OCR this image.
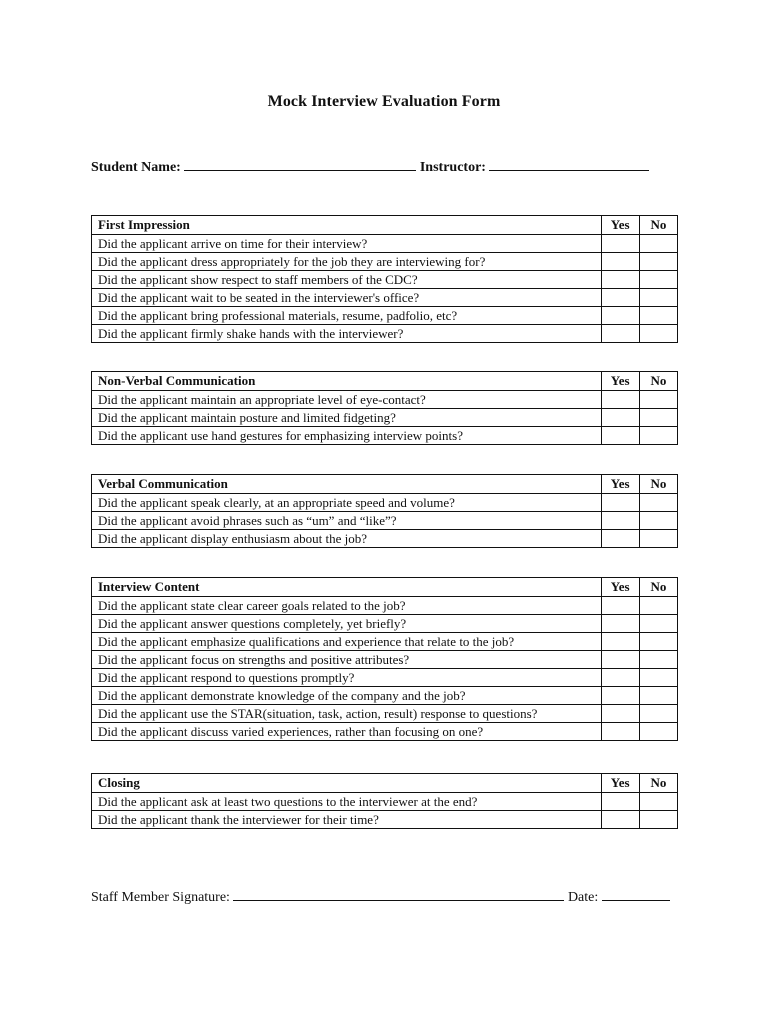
Mock Interview Evaluation Form
Student Name:	Instructor:
First Impression	Yes	No
Did the applicant arrive on time for their interview?		
Did the applicant dress appropriately for the job they are interviewing for?		
Did the applicant show respect to staff members of the CDC?		
Did the applicant wait to be seated in the interviewer's office?		
Did the applicant bring professional materials, resume, padfolio, etc?		
Did the applicant firmly shake hands with the interviewer?		
Non-Verbal Communication	Yes	No
Did the applicant maintain an appropriate level of eye-contact?		
Did the applicant maintain posture and limited fidgeting?		
Did the applicant use hand gestures for emphasizing interview points?		
Verbal Communication	Yes	No
Did the applicant speak clearly, at an appropriate speed and volume?		
Did the applicant avoid phrases such as “um” and “like”?		
Did the applicant display enthusiasm about the job?		
Interview Content	Yes	No
Did the applicant state clear career goals related to the job?		
Did the applicant answer questions completely, yet briefly?		
Did the applicant emphasize qualifications and experience that relate to the job?		
Did the applicant focus on strengths and positive attributes?		
Did the applicant respond to questions promptly?		
Did the applicant demonstrate knowledge of the company and the job?		
Did the applicant use the STAR(situation, task, action, result) response to questions?		
Did the applicant discuss varied experiences, rather than focusing on one?		
Closing	Yes	No
Did the applicant ask at least two questions to the interviewer at the end?		
Did the applicant thank the interviewer for their time?		
Staff Member Signature:	Date:
